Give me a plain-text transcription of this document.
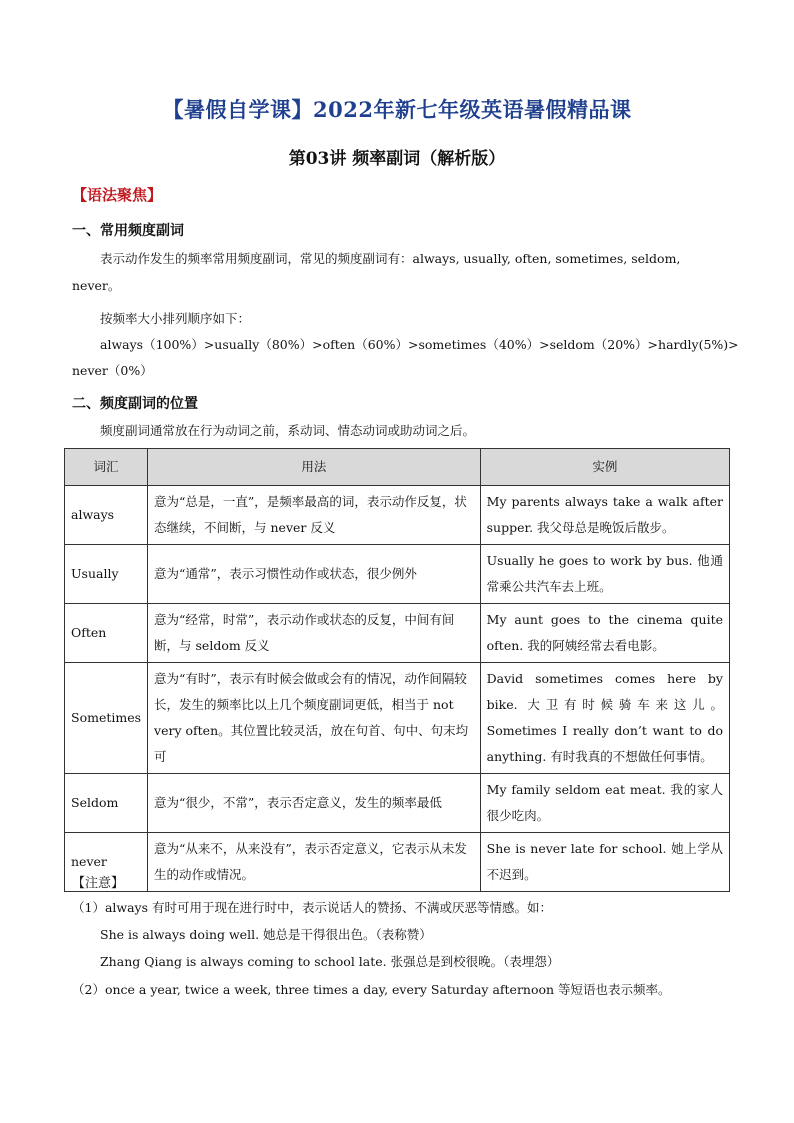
【暑假自学课】2022年新七年级英语暑假精品课
第03讲 频率副词（解析版）
【语法聚焦】
一、常用频度副词
表示动作发生的频率常用频度副词，常见的频度副词有：always, usually, often, sometimes, seldom,
never。
按频率大小排列顺序如下：
always（100%）>usually（80%）>often（60%）>sometimes（40%）>seldom（20%）>hardly(5%)>
never（0%）
二、频度副词的位置
频度副词通常放在行为动词之前，系动词、情态动词或助动词之后。
词汇	用法	实例
always	意为“总是，一直”，是频率最高的词，表示动作反复，状态继续，不间断，与 never 反义	My parents always take a walk after supper. 我父母总是晚饭后散步。
Usually	意为“通常”，表示习惯性动作或状态，很少例外	Usually he goes to work by bus. 他通常乘公共汽车去上班。
Often	意为“经常，时常”，表示动作或状态的反复，中间有间断，与 seldom 反义	My aunt goes to the cinema quite often. 我的阿姨经常去看电影。
Sometimes	意为“有时”，表示有时候会做或会有的情况，动作间隔较长，发生的频率比以上几个频度副词更低，相当于 not very often。其位置比较灵活，放在句首、句中、句末均可	David sometimes comes here by bike. 大卫有时候骑车来这儿。 Sometimes I really don’t want to do anything. 有时我真的不想做任何事情。
Seldom	意为“很少，不常”，表示否定意义，发生的频率最低	My family seldom eat meat. 我的家人很少吃肉。
never	意为“从来不，从来没有”，表示否定意义，它表示从未发生的动作或情况。	She is never late for school. 她上学从不迟到。
【注意】
（1）always 有时可用于现在进行时中，表示说话人的赞扬、不满或厌恶等情感。如：
She is always doing well. 她总是干得很出色。（表称赞）
Zhang Qiang is always coming to school late. 张强总是到校很晚。（表埋怨）
（2）once a year, twice a week, three times a day, every Saturday afternoon 等短语也表示频率。
